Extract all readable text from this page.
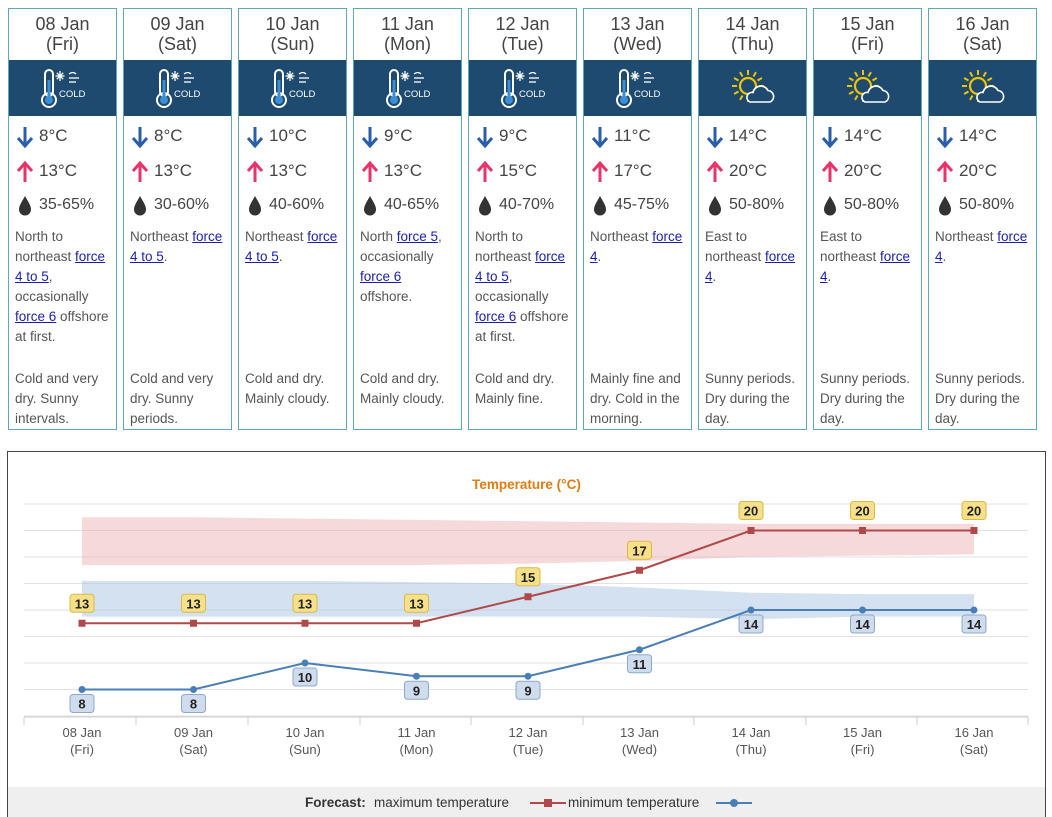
08 Jan
(Fri)
COLD
8°C
13°C
35-65%
North to northeast force 4 to 5, occasionally force 6 offshore at first.
Cold and very dry. Sunny intervals.
09 Jan
(Sat)
COLD
8°C
13°C
30-60%
Northeast force 4 to 5.
Cold and very dry. Sunny periods.
10 Jan
(Sun)
COLD
10°C
13°C
40-60%
Northeast force 4 to 5.
Cold and dry. Mainly cloudy.
11 Jan
(Mon)
COLD
9°C
13°C
40-65%
North force 5, occasionally force 6 offshore.
Cold and dry. Mainly cloudy.
12 Jan
(Tue)
COLD
9°C
15°C
40-70%
North to northeast force 4 to 5, occasionally force 6 offshore at first.
Cold and dry. Mainly fine.
13 Jan
(Wed)
COLD
11°C
17°C
45-75%
Northeast force 4.
Mainly fine and dry. Cold in the morning.
14 Jan
(Thu)
14°C
20°C
50-80%
East to northeast force 4.
Sunny periods. Dry during the day.
15 Jan
(Fri)
14°C
20°C
50-80%
East to northeast force 4.
Sunny periods. Dry during the day.
16 Jan
(Sat)
14°C
20°C
50-80%
Northeast force 4.
Sunny periods. Dry during the day.
Temperature (°C)
08 Jan
(Fri)
09 Jan
(Sat)
10 Jan
(Sun)
11 Jan
(Mon)
12 Jan
(Tue)
13 Jan
(Wed)
14 Jan
(Thu)
15 Jan
(Fri)
16 Jan
(Sat)
13	13	13	13
15
17
20	20	20
8	8
10
9	9
11
14	14	14
Forecast: maximum temperature	minimum temperature
